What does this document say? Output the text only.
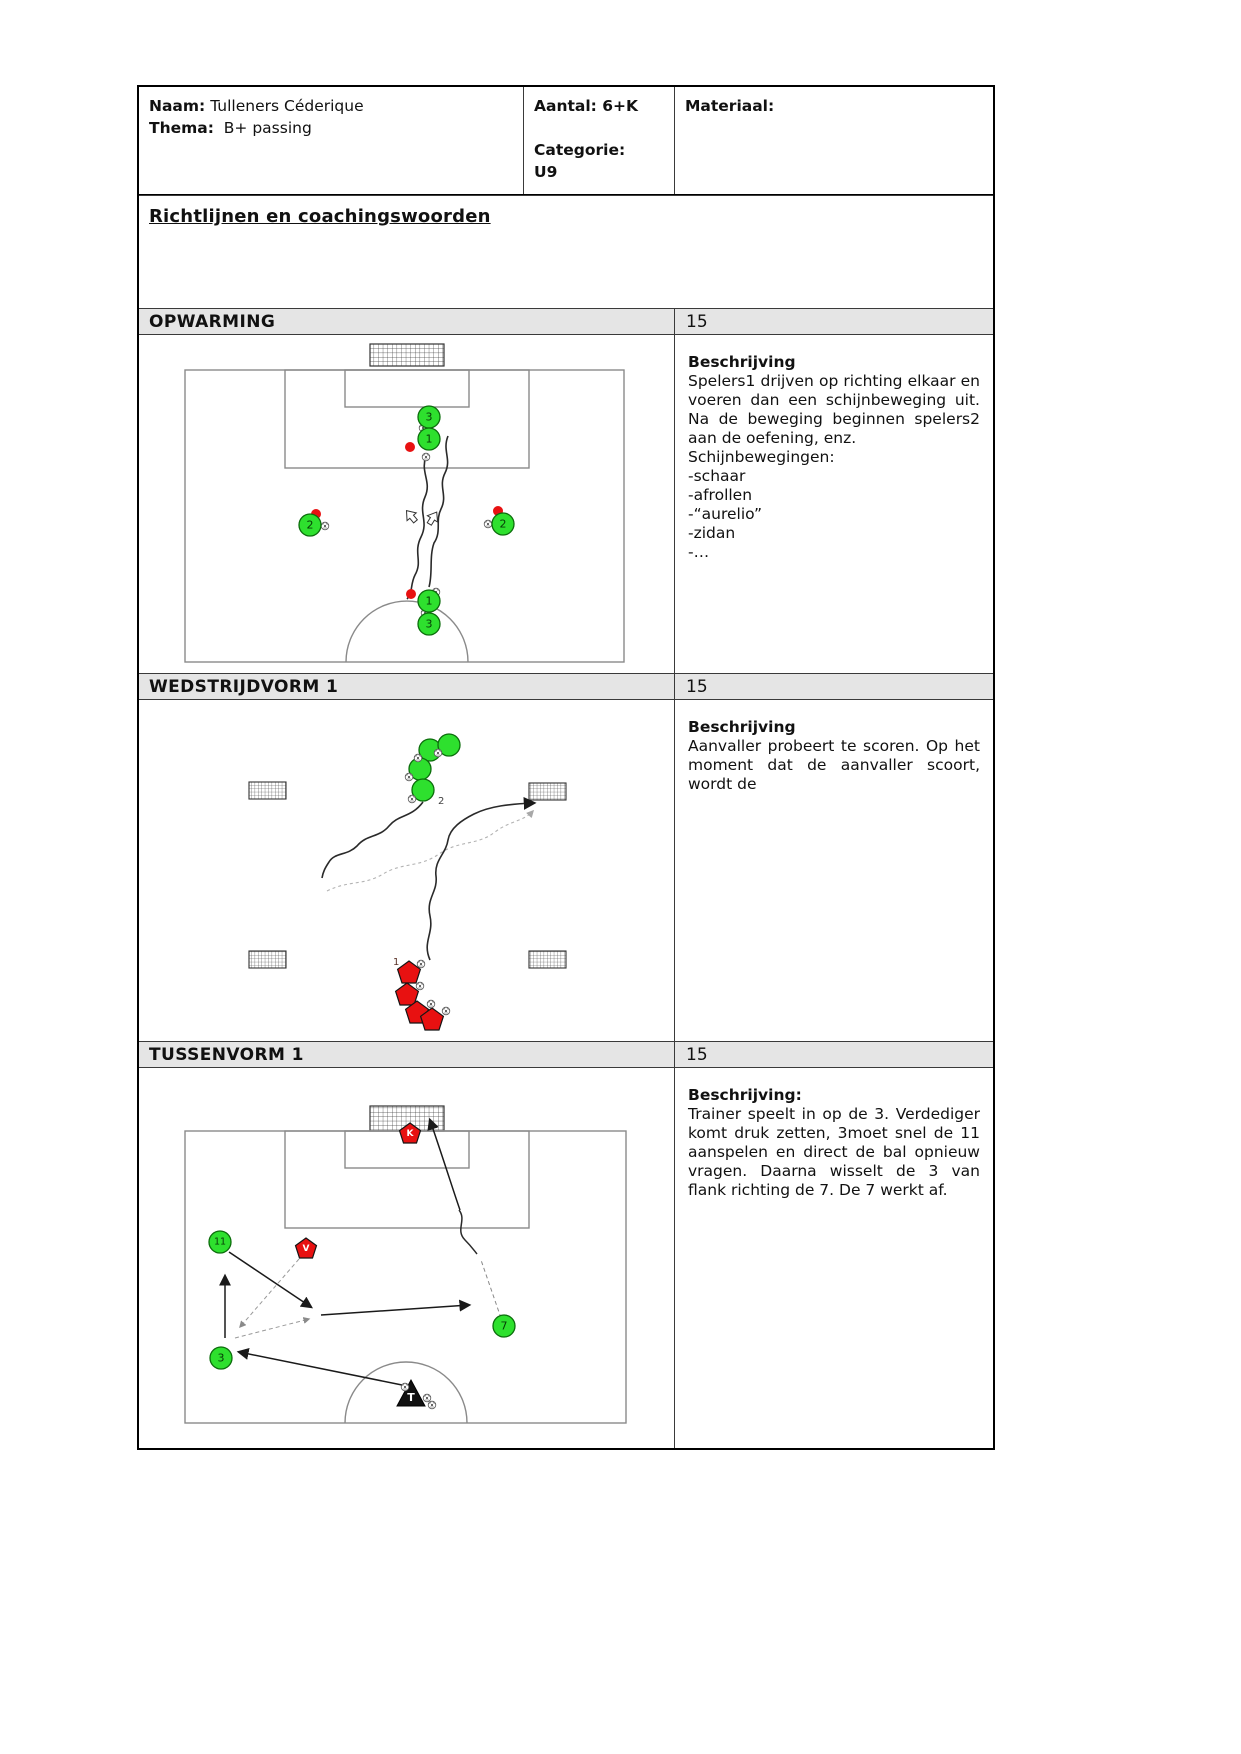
Naam: Tulleners Céderique
Thema: B+ passing
Aantal: 6+K
Categorie:
U9
Materiaal:
Richtlijnen en coachingswoorden
OPWARMING	15
3
1
2	2
1
3
Beschrijving

Spelers1 drijven op richting elkaar en voeren dan een schijnbeweging uit. Na de beweging beginnen spelers2 aan de oefening, enz.

Schijnbewegingen:
-schaar
-afrollen
-“aurelio”
-zidan
-…
WEDSTRIJDVORM 1	15
2
1
Beschrijving

Aanvaller probeert te scoren. Op het moment dat de aanvaller scoort, wordt de

TUSSENVORM 1	15
K
V
11
3
7
T
Beschrijving:

Trainer speelt in op de 3. Verdediger komt druk zetten, 3moet snel de 11 aanspelen en direct de bal opnieuw vragen. Daarna wisselt de 3 van flank richting de 7. De 7 werkt af.
